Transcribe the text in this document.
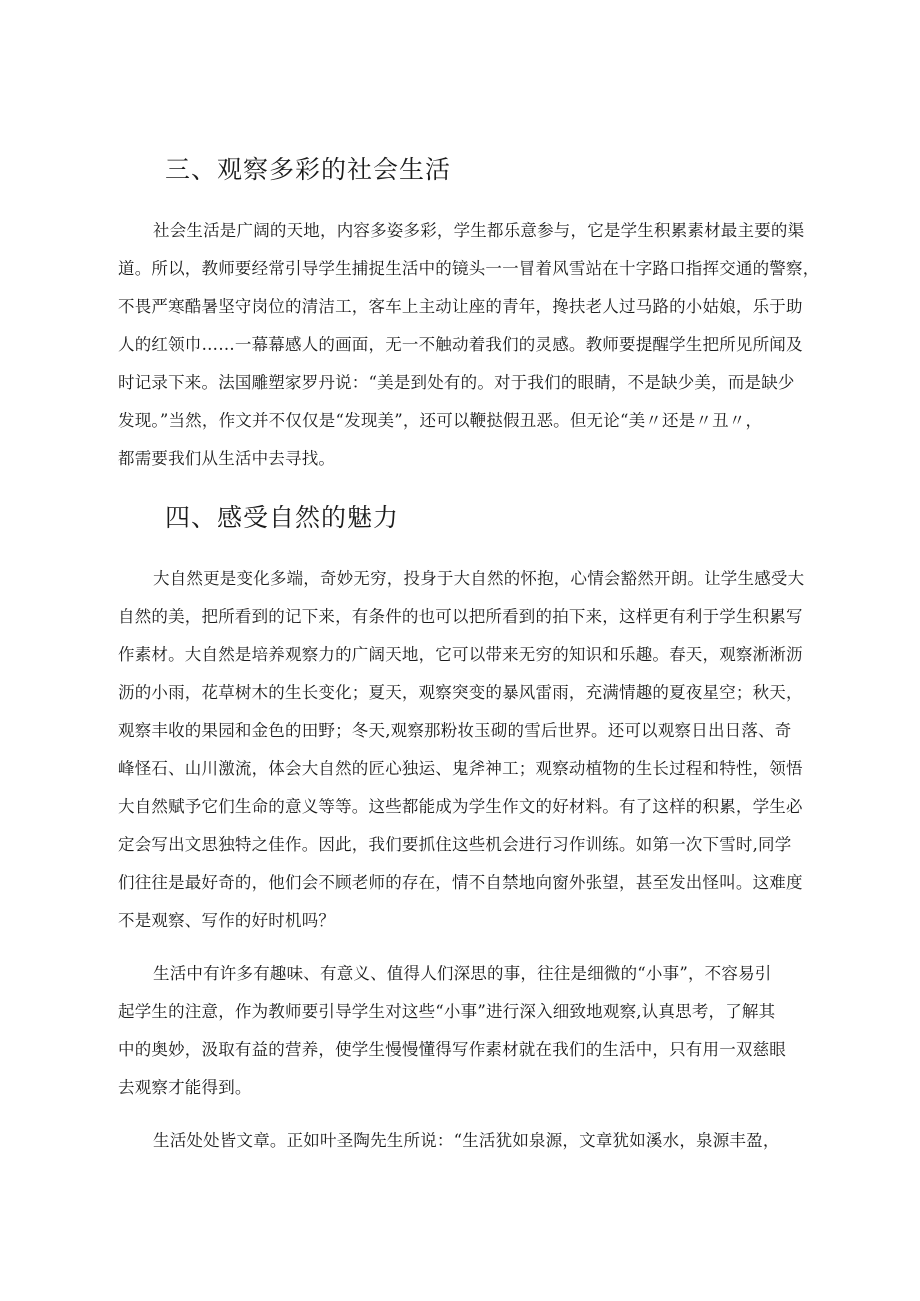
三、观察多彩的社会生活
社会生活是广阔的天地，内容多姿多彩，学生都乐意参与，它是学生积累素材最主要的渠
道。所以，教师要经常引导学生捕捉生活中的镜头一一冒着风雪站在十字路口指挥交通的警察，
不畏严寒酷暑坚守岗位的清洁工，客车上主动让座的青年，搀扶老人过马路的小姑娘，乐于助
人的红领巾……一幕幕感人的画面，无一不触动着我们的灵感。教师要提醒学生把所见所闻及
时记录下来。法国雕塑家罗丹说：“美是到处有的。对于我们的眼睛，不是缺少美，而是缺少
发现。”当然，作文并不仅仅是“发现美”，还可以鞭挞假丑恶。但无论“美〃还是〃丑〃，
都需要我们从生活中去寻找。
四、感受自然的魅力
大自然更是变化多端，奇妙无穷，投身于大自然的怀抱，心情会豁然开朗。让学生感受大
自然的美，把所看到的记下来，有条件的也可以把所看到的拍下来，这样更有利于学生积累写
作素材。大自然是培养观察力的广阔天地，它可以带来无穷的知识和乐趣。春天，观察淅淅沥
沥的小雨，花草树木的生长变化；夏天，观察突变的暴风雷雨，充满情趣的夏夜星空；秋天，
观察丰收的果园和金色的田野；冬天,观察那粉妆玉砌的雪后世界。还可以观察日出日落、奇
峰怪石、山川激流，体会大自然的匠心独运、鬼斧神工；观察动植物的生长过程和特性，领悟
大自然赋予它们生命的意义等等。这些都能成为学生作文的好材料。有了这样的积累，学生必
定会写出文思独特之佳作。因此，我们要抓住这些机会进行习作训练。如第一次下雪时,同学
们往往是最好奇的，他们会不顾老师的存在，情不自禁地向窗外张望，甚至发出怪叫。这难度
不是观察、写作的好时机吗？
生活中有许多有趣味、有意义、值得人们深思的事，往往是细微的“小事”，不容易引
起学生的注意，作为教师要引导学生对这些“小事”进行深入细致地观察,认真思考，了解其
中的奥妙，汲取有益的营养，使学生慢慢懂得写作素材就在我们的生活中，只有用一双慈眼
去观察才能得到。
生活处处皆文章。正如叶圣陶先生所说：“生活犹如泉源，文章犹如溪水，泉源丰盈，
